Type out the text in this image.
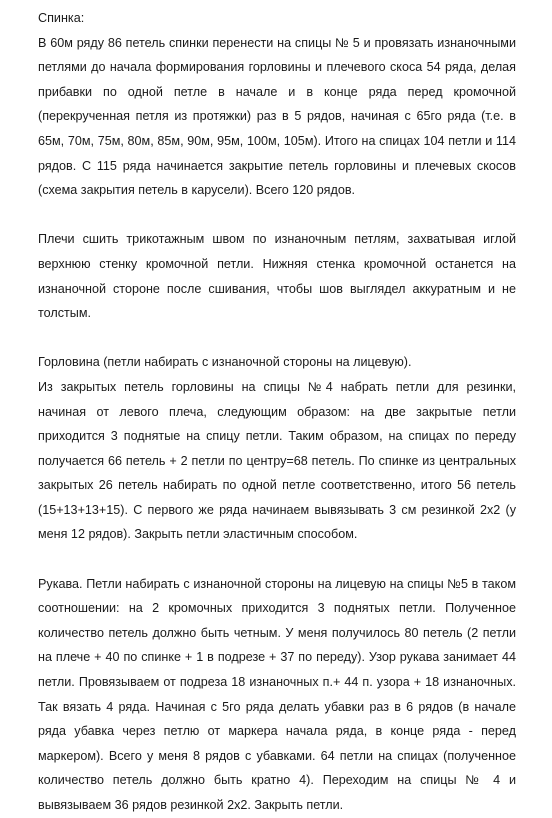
Спинка:

В 60м ряду 86 петель спинки перенести на спицы № 5 и провязать изнаночными петлями до начала формирования горловины и плечевого скоса 54 ряда, делая прибавки по одной петле в начале и в конце ряда перед кромочной (перекрученная петля из протяжки) раз в 5 рядов, начиная с 65го ряда (т.е. в 65м, 70м, 75м, 80м, 85м, 90м, 95м, 100м, 105м). Итого на спицах 104 петли и 114 рядов. С 115 ряда начинается закрытие петель горловины и плечевых скосов (схема закрытия петель в карусели). Всего 120 рядов.

Плечи сшить трикотажным швом по изнаночным петлям, захватывая иглой верхнюю стенку кромочной петли. Нижняя стенка кромочной останется на изнаночной стороне после сшивания, чтобы шов выглядел аккуратным и не толстым.

Горловина (петли набирать с изнаночной стороны на лицевую).

Из закрытых петель горловины на спицы №4 набрать петли для резинки, начиная от левого плеча, следующим образом: на две закрытые петли приходится 3 поднятые на спицу петли. Таким образом, на спицах по переду получается 66 петель + 2 петли по центру=68 петель. По спинке из центральных закрытых 26 петель набирать по одной петле соответственно, итого 56 петель (15+13+13+15). С первого же ряда начинаем вывязывать 3 см резинкой 2х2 (у меня 12 рядов). Закрыть петли эластичным способом.

Рукава. Петли набирать с изнаночной стороны на лицевую на спицы №5 в таком соотношении: на 2 кромочных приходится 3 поднятых петли. Полученное количество петель должно быть четным. У меня получилось 80 петель (2 петли на плече + 40 по спинке + 1 в подрезе + 37 по переду). Узор рукава занимает 44 петли. Провязываем от подреза 18 изнаночных п.+ 44 п. узора + 18 изнаночных. Так вязать 4 ряда. Начиная с 5го ряда делать убавки раз в 6 рядов (в начале ряда убавка через петлю от маркера начала ряда, в конце ряда - перед маркером). Всего у меня 8 рядов с убавками. 64 петли на спицах (полученное количество петель должно быть кратно 4). Переходим на спицы № 4 и вывязываем 36 рядов резинкой 2х2. Закрыть петли.
